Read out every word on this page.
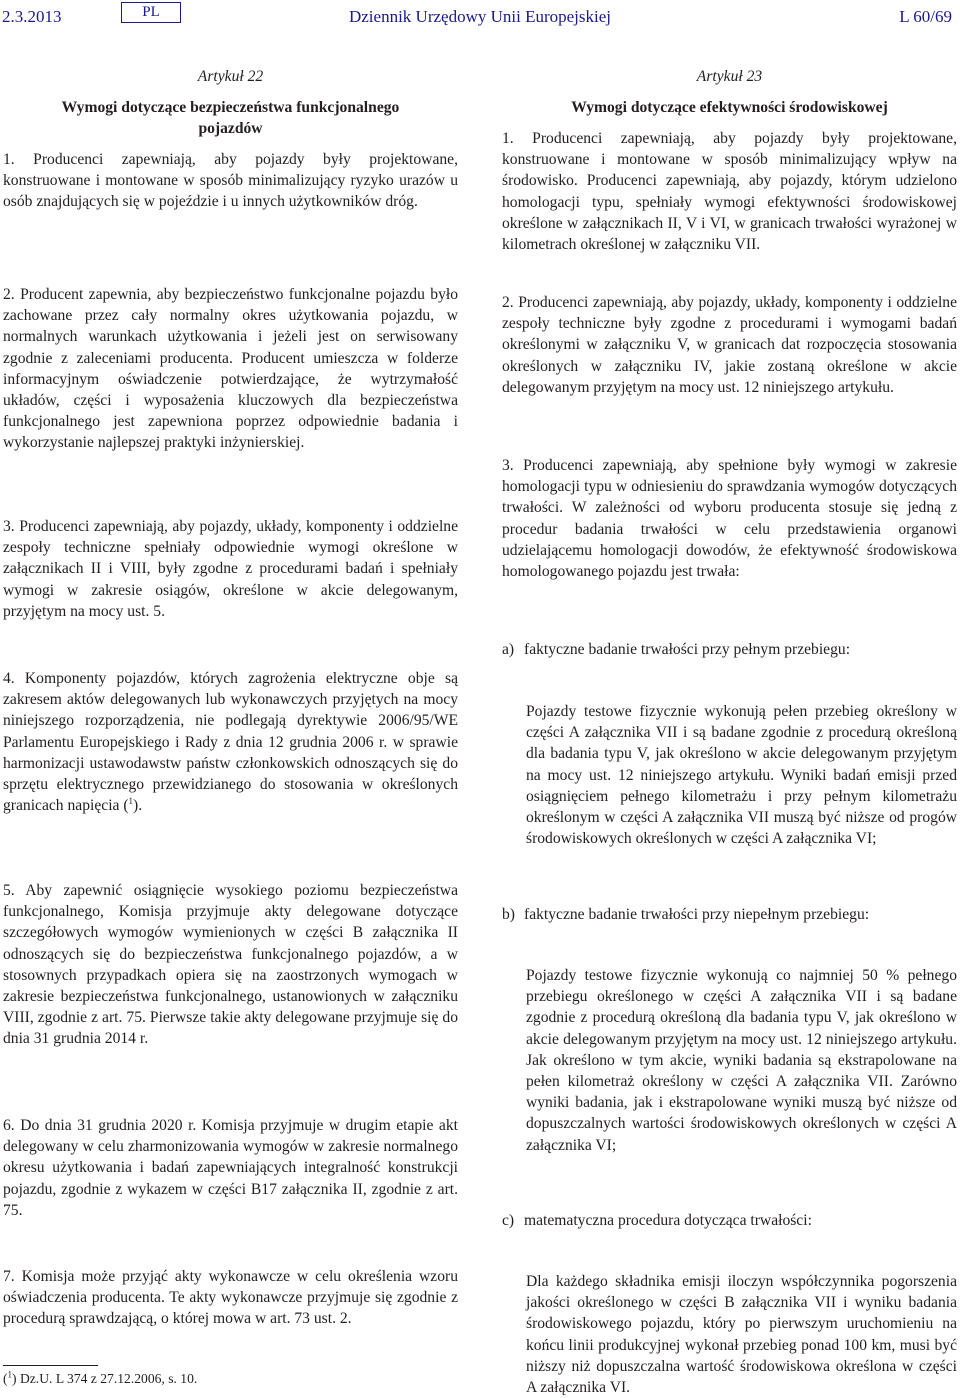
2.3.2013	PL	Dziennik Urzędowy Unii Europejskiej	L 60/69

Artykuł 22

Wymogi dotyczące bezpieczeństwa funkcjonalnego pojazdów

1. Producenci zapewniają, aby pojazdy były projektowane, konstruowane i montowane w sposób minimalizujący ryzyko urazów u osób znajdujących się w pojeździe i u innych użytkowników dróg.

2. Producent zapewnia, aby bezpieczeństwo funkcjonalne pojazdu było zachowane przez cały normalny okres użytkowania pojazdu, w normalnych warunkach użytkowania i jeżeli jest on serwisowany zgodnie z zaleceniami producenta. Producent umieszcza w folderze informacyjnym oświadczenie potwierdzające, że wytrzymałość układów, części i wyposażenia kluczowych dla bezpieczeństwa funkcjonalnego jest zapewniona poprzez odpowiednie badania i wykorzystanie najlepszej praktyki inżynierskiej.

3. Producenci zapewniają, aby pojazdy, układy, komponenty i oddzielne zespoły techniczne spełniały odpowiednie wymogi określone w załącznikach II i VIII, były zgodne z procedurami badań i spełniały wymogi w zakresie osiągów, określone w akcie delegowanym, przyjętym na mocy ust. 5.

4. Komponenty pojazdów, których zagrożenia elektryczne obje są zakresem aktów delegowanych lub wykonawczych przyjętych na mocy niniejszego rozporządzenia, nie podlegają dyrektywie 2006/95/WE Parlamentu Europejskiego i Rady z dnia 12 grudnia 2006 r. w sprawie harmonizacji ustawodawstw państw członkowskich odnoszących się do sprzętu elektrycznego przewidzianego do stosowania w określonych granicach napięcia ($^1$).

5. Aby zapewnić osiągnięcie wysokiego poziomu bezpieczeństwa funkcjonalnego, Komisja przyjmuje akty delegowane dotyczące szczegółowych wymogów wymienionych w części B załącznika II odnoszących się do bezpieczeństwa funkcjonalnego pojazdów, a w stosownych przypadkach opiera się na zaostrzonych wymogach w zakresie bezpieczeństwa funkcjonalnego, ustanowionych w załączniku VIII, zgodnie z art. 75. Pierwsze takie akty delegowane przyjmuje się do dnia 31 grudnia 2014 r.

6. Do dnia 31 grudnia 2020 r. Komisja przyjmuje w drugim etapie akt delegowany w celu zharmonizowania wymogów w zakresie normalnego okresu użytkowania i badań zapewniających integralność konstrukcji pojazdu, zgodnie z wykazem w części B17 załącznika II, zgodnie z art. 75.

7. Komisja może przyjąć akty wykonawcze w celu określenia wzoru oświadczenia producenta. Te akty wykonawcze przyjmuje się zgodnie z procedurą sprawdzającą, o której mowa w art. 73 ust. 2.

Artykuł 23

Wymogi dotyczące efektywności środowiskowej

1. Producenci zapewniają, aby pojazdy były projektowane, konstruowane i montowane w sposób minimalizujący wpływ na środowisko. Producenci zapewniają, aby pojazdy, którym udzielono homologacji typu, spełniały wymogi efektywności środowiskowej określone w załącznikach II, V i VI, w granicach trwałości wyrażonej w kilometrach określonej w załączniku VII.

2. Producenci zapewniają, aby pojazdy, układy, komponenty i oddzielne zespoły techniczne były zgodne z procedurami i wymogami badań określonymi w załączniku V, w granicach dat rozpoczęcia stosowania określonych w załączniku IV, jakie zostaną określone w akcie delegowanym przyjętym na mocy ust. 12 niniejszego artykułu.

3. Producenci zapewniają, aby spełnione były wymogi w zakresie homologacji typu w odniesieniu do sprawdzania wymogów dotyczących trwałości. W zależności od wyboru producenta stosuje się jedną z procedur badania trwałości w celu przedstawienia organowi udzielającemu homologacji dowodów, że efektywność środowiskowa homologowanego pojazdu jest trwała:

a) faktyczne badanie trwałości przy pełnym przebiegu:

Pojazdy testowe fizycznie wykonują pełen przebieg określony w części A załącznika VII i są badane zgodnie z procedurą określoną dla badania typu V, jak określono w akcie delegowanym przyjętym na mocy ust. 12 niniejszego artykułu. Wyniki badań emisji przed osiągnięciem pełnego kilometrażu i przy pełnym kilometrażu określonym w części A załącznika VII muszą być niższe od progów środowiskowych określonych w części A załącznika VI;

b) faktyczne badanie trwałości przy niepełnym przebiegu:

Pojazdy testowe fizycznie wykonują co najmniej 50 % pełnego przebiegu określonego w części A załącznika VII i są badane zgodnie z procedurą określoną dla badania typu V, jak określono w akcie delegowanym przyjętym na mocy ust. 12 niniejszego artykułu. Jak określono w tym akcie, wyniki badania są ekstrapolowane na pełen kilometraż określony w części A załącznika VII. Zarówno wyniki badania, jak i ekstrapolowane wyniki muszą być niższe od dopuszczalnych wartości środowiskowych określonych w części A załącznika VI;

c) matematyczna procedura dotycząca trwałości:

Dla każdego składnika emisji iloczyn współczynnika pogorszenia jakości określonego w części B załącznika VII i wyniku badania środowiskowego pojazdu, który po pierwszym uruchomieniu na końcu linii produkcyjnej wykonał przebieg ponad 100 km, musi być niższy niż dopuszczalna wartość środowiskowa określona w części A załącznika VI.

($^1$) Dz.U. L 374 z 27.12.2006, s. 10.
